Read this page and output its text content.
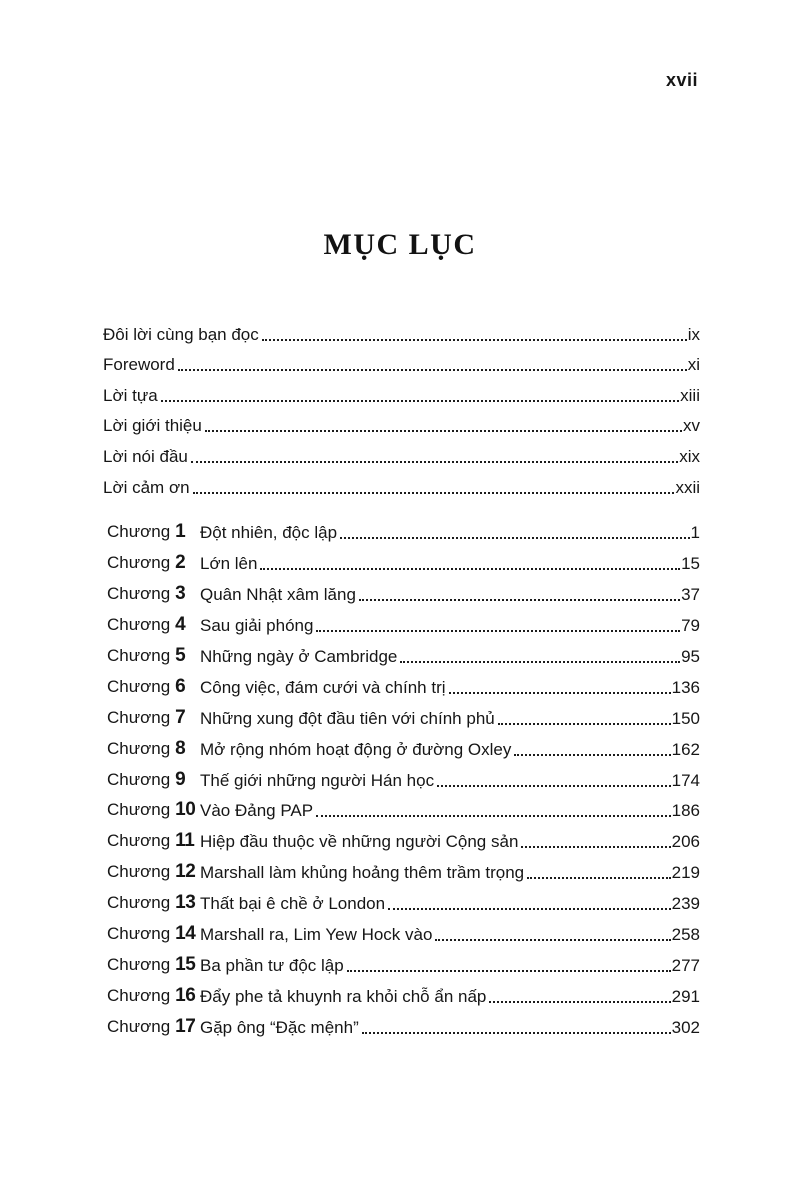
xvii
MỤC LỤC
Đôi lời cùng bạn đọc	ix
Foreword	xi
Lời tựa	xiii
Lời giới thiệu	xv
Lời nói đầu	xix
Lời cảm ơn	xxii
Chương 1 Đột nhiên, độc lập	1
Chương 2 Lớn lên	15
Chương 3 Quân Nhật xâm lăng	37
Chương 4 Sau giải phóng	79
Chương 5 Những ngày ở Cambridge	95
Chương 6 Công việc, đám cưới và chính trị	136
Chương 7 Những xung đột đầu tiên với chính phủ	150
Chương 8 Mở rộng nhóm hoạt động ở đường Oxley	162
Chương 9 Thế giới những người Hán học	174
Chương 10 Vào Đảng PAP	186
Chương 11 Hiệp đầu thuộc về những người Cộng sản	206
Chương 12 Marshall làm khủng hoảng thêm trầm trọng	219
Chương 13 Thất bại ê chề ở London	239
Chương 14 Marshall ra, Lim Yew Hock vào	258
Chương 15 Ba phần tư độc lập	277
Chương 16 Đẩy phe tả khuynh ra khỏi chỗ ẩn nấp	291
Chương 17 Gặp ông “Đặc mệnh”	302
